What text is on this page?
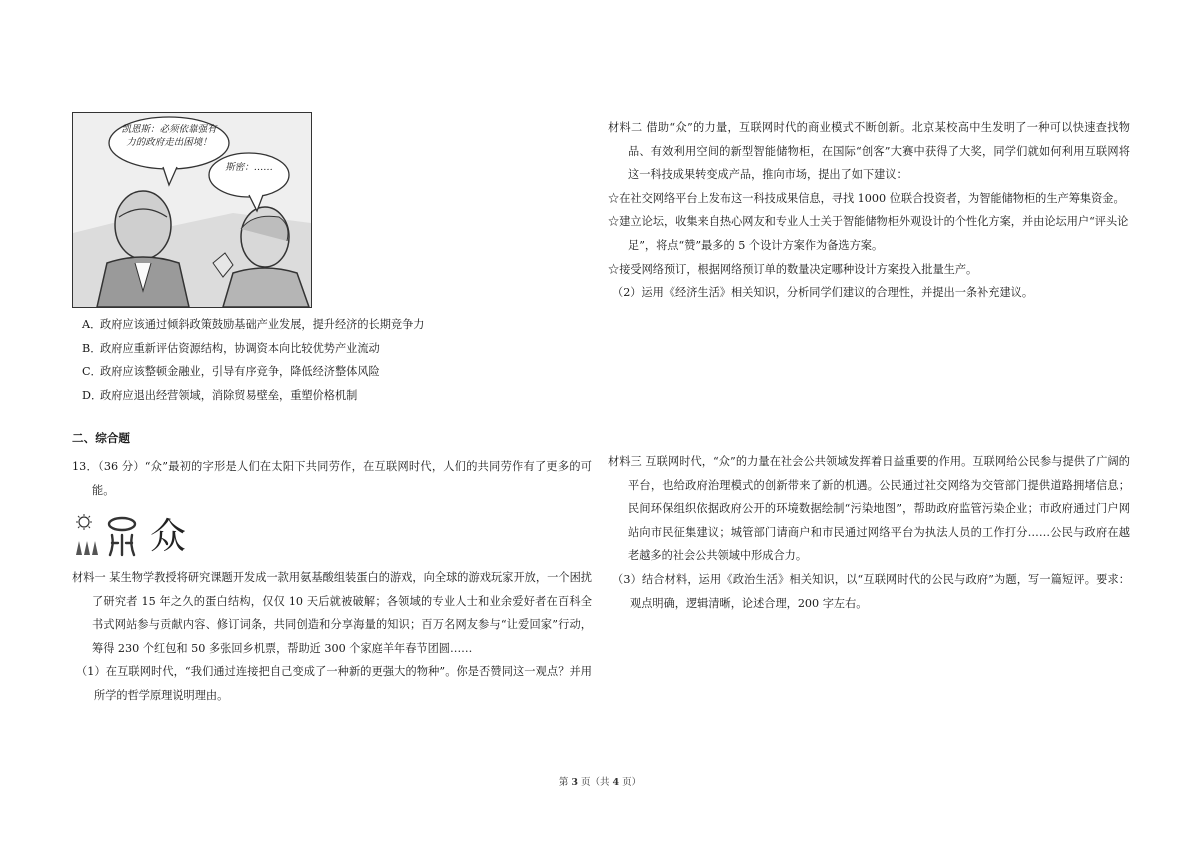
凯恩斯：必须依靠强有力的政府走出困境！
斯密：……
A．政府应该通过倾斜政策鼓励基础产业发展，提升经济的长期竞争力
B．政府应重新评估资源结构，协调资本向比较优势产业流动
C．政府应该整顿金融业，引导有序竞争，降低经济整体风险
D．政府应退出经营领域，消除贸易壁垒，重塑价格机制
二、综合题

13．（36 分）“众”最初的字形是人们在太阳下共同劳作，在互联网时代，人们的共同劳作有了更多的可能。

众

材料一 某生物学教授将研究课题开发成一款用氨基酸组装蛋白的游戏，向全球的游戏玩家开放，一个困扰了研究者 15 年之久的蛋白结构，仅仅 10 天后就被破解；各领域的专业人士和业余爱好者在百科全书式网站参与贡献内容、修订词条，共同创造和分享海量的知识；百万名网友参与“让爱回家”行动，筹得 230 个红包和 50 多张回乡机票，帮助近 300 个家庭羊年春节团圆……

（1）在互联网时代，“我们通过连接把自己变成了一种新的更强大的物种”。你是否赞同这一观点？并用所学的哲学原理说明理由。

材料二 借助“众”的力量，互联网时代的商业模式不断创新。北京某校高中生发明了一种可以快速查找物品、有效利用空间的新型智能储物柜，在国际“创客”大赛中获得了大奖，同学们就如何利用互联网将这一科技成果转变成产品，推向市场，提出了如下建议：

☆在社交网络平台上发布这一科技成果信息，寻找 1000 位联合投资者，为智能储物柜的生产筹集资金。

☆建立论坛，收集来自热心网友和专业人士关于智能储物柜外观设计的个性化方案，并由论坛用户“评头论足”，将点“赞”最多的 5 个设计方案作为备选方案。

☆接受网络预订，根据网络预订单的数量决定哪种设计方案投入批量生产。

（2）运用《经济生活》相关知识，分析同学们建议的合理性，并提出一条补充建议。

材料三 互联网时代，“众”的力量在社会公共领域发挥着日益重要的作用。互联网给公民参与提供了广阔的平台，也给政府治理模式的创新带来了新的机遇。公民通过社交网络为交管部门提供道路拥堵信息；民间环保组织依据政府公开的环境数据绘制“污染地图”，帮助政府监管污染企业；市政府通过门户网站向市民征集建议；城管部门请商户和市民通过网络平台为执法人员的工作打分……公民与政府在越老越多的社会公共领域中形成合力。

（3）结合材料，运用《政治生活》相关知识，以“互联网时代的公民与政府”为题，写一篇短评。要求：观点明确，逻辑清晰，论述合理，200 字左右。

第 3 页（共 4 页）
